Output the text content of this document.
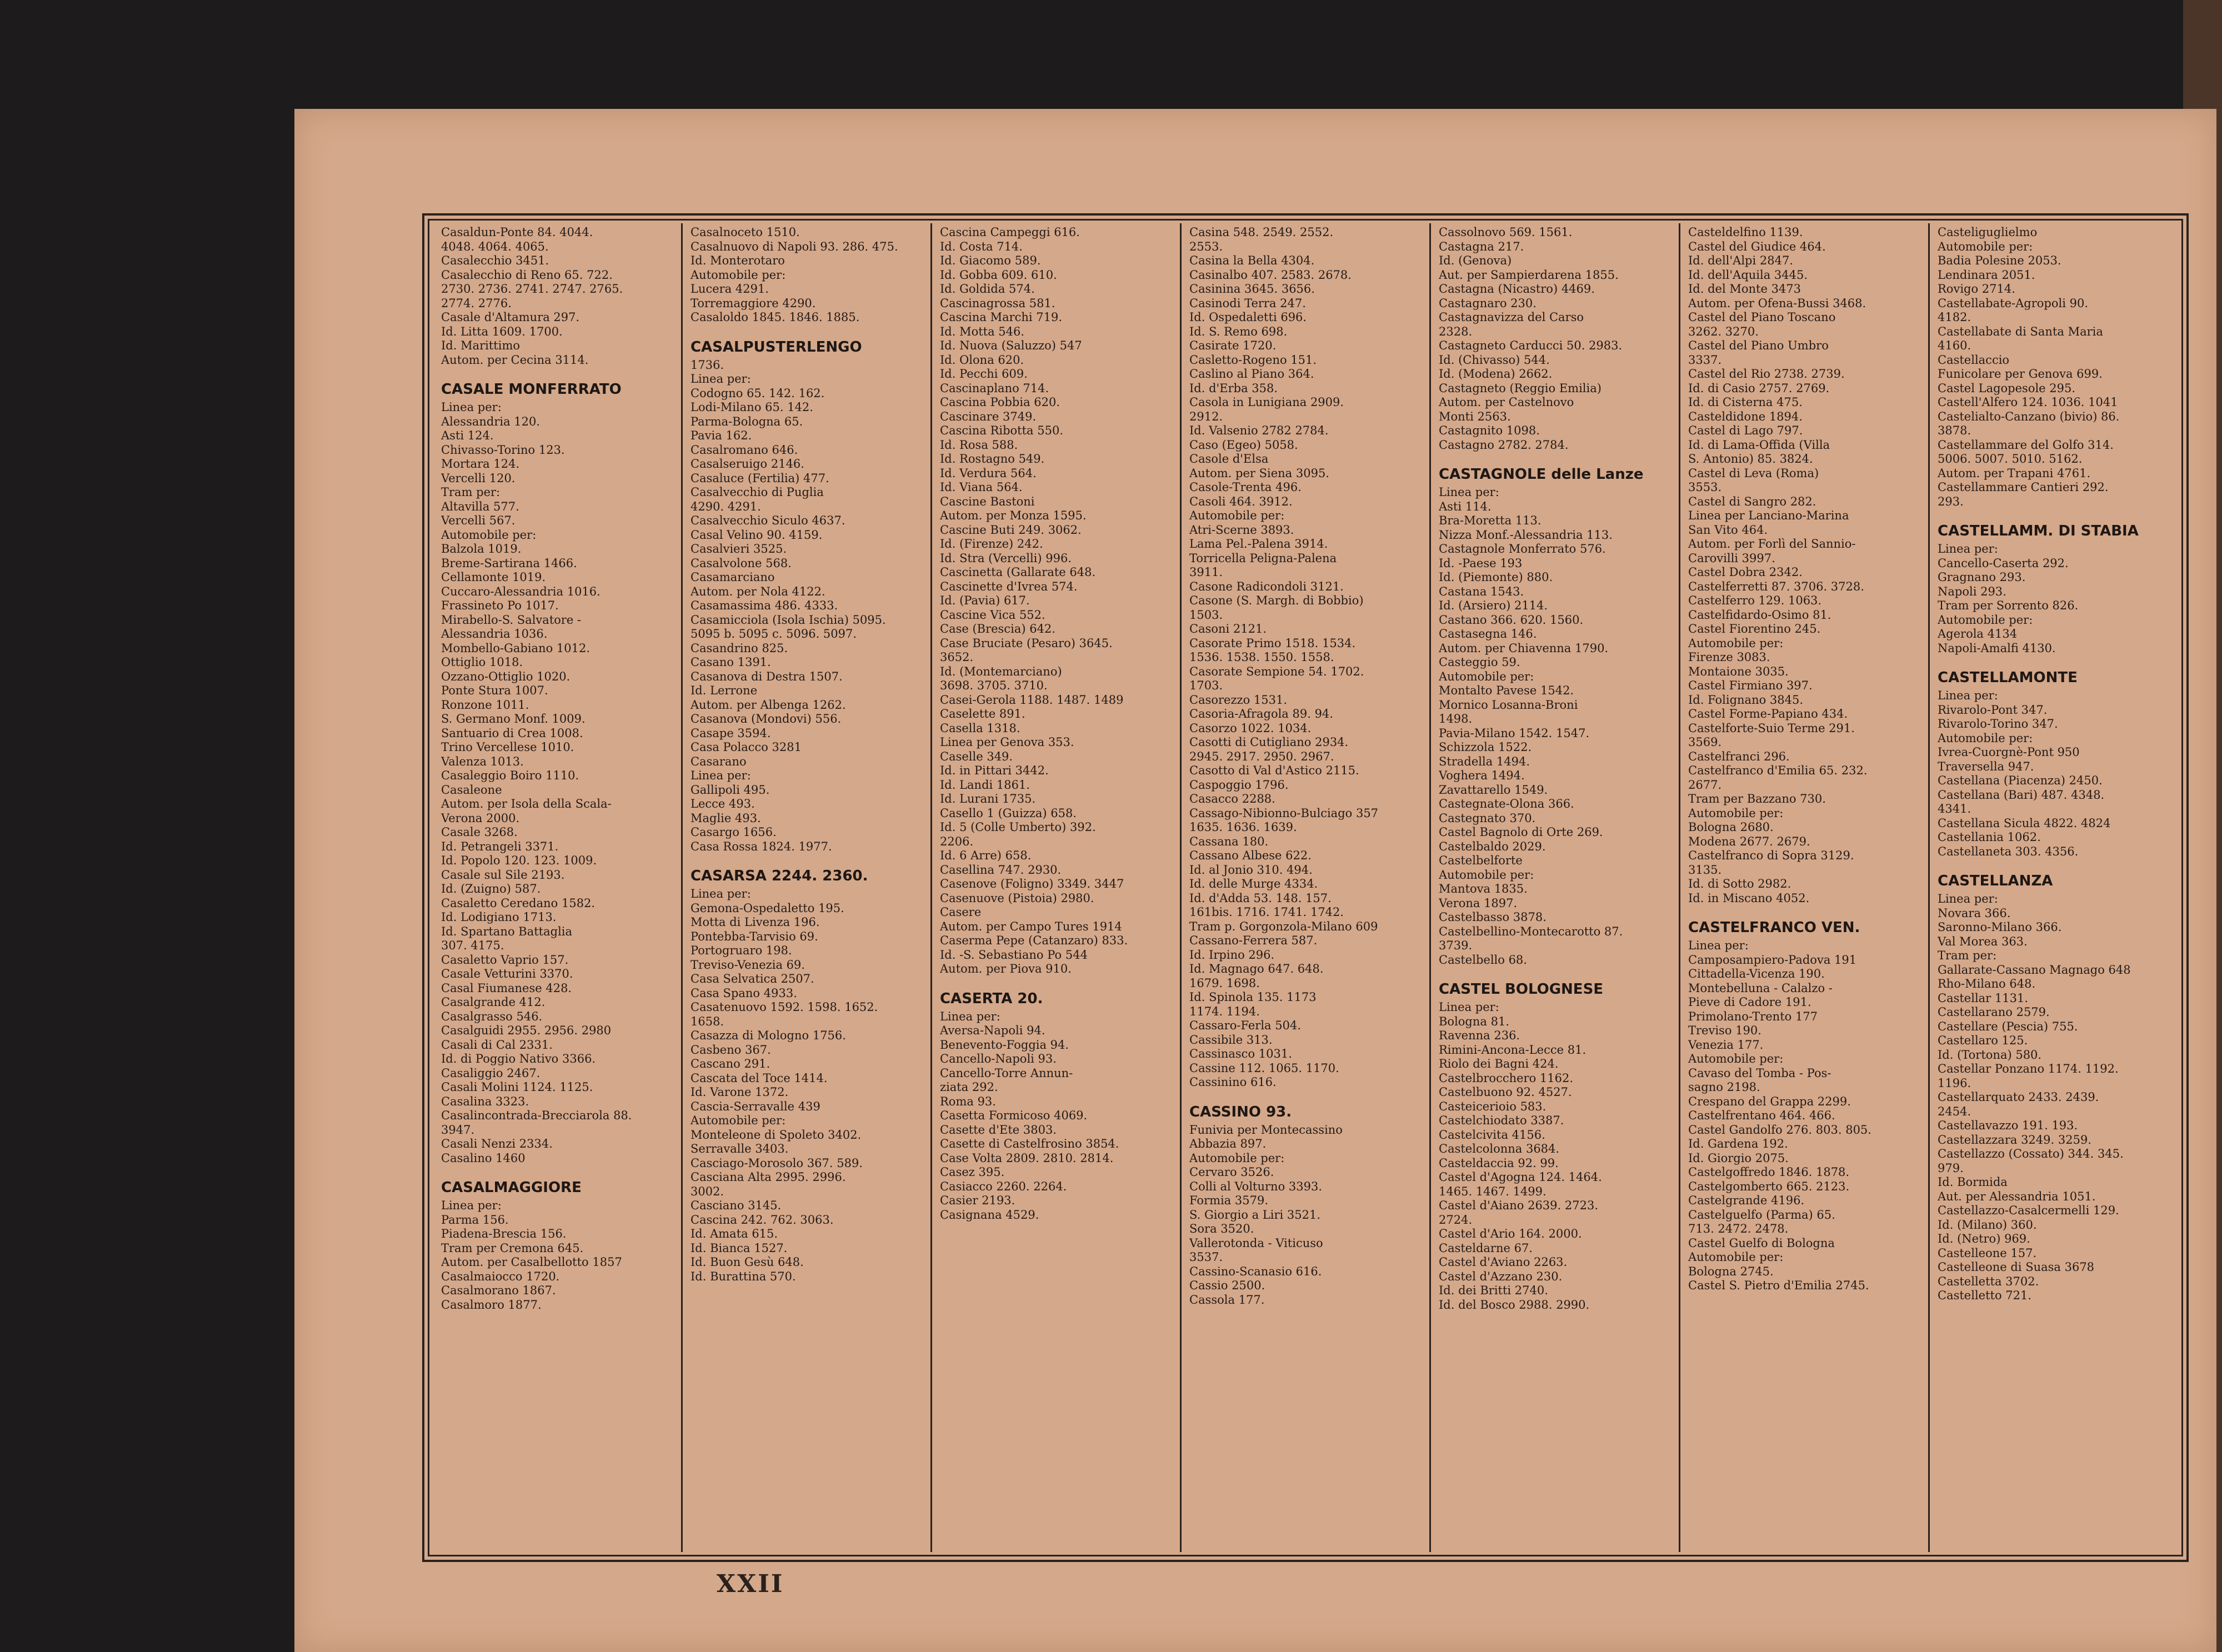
Casaldun-Ponte 84. 4044.
4048. 4064. 4065.
Casalecchio 3451.
Casalecchio di Reno 65. 722.
2730. 2736. 2741. 2747. 2765.
2774. 2776.
Casale d'Altamura 297.
Id. Litta 1609. 1700.
Id. Marittimo
Autom. per Cecina 3114.
CASALE MONFERRATO
Linea per:
Alessandria 120.
Asti 124.
Chivasso-Torino 123.
Mortara 124.
Vercelli 120.
Tram per:
Altavilla 577.
Vercelli 567.
Automobile per:
Balzola 1019.
Breme-Sartirana 1466.
Cellamonte 1019.
Cuccaro-Alessandria 1016.
Frassineto Po 1017.
Mirabello-S. Salvatore -
Alessandria 1036.
Mombello-Gabiano 1012.
Ottiglio 1018.
Ozzano-Ottiglio 1020.
Ponte Stura 1007.
Ronzone 1011.
S. Germano Monf. 1009.
Santuario di Crea 1008.
Trino Vercellese 1010.
Valenza 1013.
Casaleggio Boiro 1110.
Casaleone
Autom. per Isola della Scala-
Verona 2000.
Casale 3268.
Id. Petrangeli 3371.
Id. Popolo 120. 123. 1009.
Casale sul Sile 2193.
Id. (Zuigno) 587.
Casaletto Ceredano 1582.
Id. Lodigiano 1713.
Id. Spartano Battaglia
307. 4175.
Casaletto Vaprio 157.
Casale Vetturini 3370.
Casal Fiumanese 428.
Casalgrande 412.
Casalgrasso 546.
Casalguidi 2955. 2956. 2980
Casali di Cal 2331.
Id. di Poggio Nativo 3366.
Casaliggio 2467.
Casali Molini 1124. 1125.
Casalina 3323.
Casalincontrada-Brecciarola 88.
3947.
Casali Nenzi 2334.
Casalino 1460
CASALMAGGIORE
Linea per:
Parma 156.
Piadena-Brescia 156.
Tram per Cremona 645.
Autom. per Casalbellotto 1857
Casalmaiocco 1720.
Casalmorano 1867.
Casalmoro 1877.
Casalnoceto 1510.
Casalnuovo di Napoli 93. 286. 475.
Id. Monterotaro
Automobile per:
Lucera 4291.
Torremaggiore 4290.
Casaloldo 1845. 1846. 1885.
CASALPUSTERLENGO
1736.
Linea per:
Codogno 65. 142. 162.
Lodi-Milano 65. 142.
Parma-Bologna 65.
Pavia 162.
Casalromano 646.
Casalseruigo 2146.
Casaluce (Fertilia) 477.
Casalvecchio di Puglia
4290. 4291.
Casalvecchio Siculo 4637.
Casal Velino 90. 4159.
Casalvieri 3525.
Casalvolone 568.
Casamarciano
Autom. per Nola 4122.
Casamassima 486. 4333.
Casamicciola (Isola Ischia) 5095.
5095 b. 5095 c. 5096. 5097.
Casandrino 825.
Casano 1391.
Casanova di Destra 1507.
Id. Lerrone
Autom. per Albenga 1262.
Casanova (Mondovi) 556.
Casape 3594.
Casa Polacco 3281
Casarano
Linea per:
Gallipoli 495.
Lecce 493.
Maglie 493.
Casargo 1656.
Casa Rossa 1824. 1977.
CASARSA 2244. 2360.
Linea per:
Gemona-Ospedaletto 195.
Motta di Livenza 196.
Pontebba-Tarvisio 69.
Portogruaro 198.
Treviso-Venezia 69.
Casa Selvatica 2507.
Casa Spano 4933.
Casatenuovo 1592. 1598. 1652.
1658.
Casazza di Mologno 1756.
Casbeno 367.
Cascano 291.
Cascata del Toce 1414.
Id. Varone 1372.
Cascia-Serravalle 439
Automobile per:
Monteleone di Spoleto 3402.
Serravalle 3403.
Casciago-Morosolo 367. 589.
Casciana Alta 2995. 2996.
3002.
Casciano 3145.
Cascina 242. 762. 3063.
Id. Amata 615.
Id. Bianca 1527.
Id. Buon Gesù 648.
Id. Burattina 570.
Cascina Campeggi 616.
Id. Costa 714.
Id. Giacomo 589.
Id. Gobba 609. 610.
Id. Goldida 574.
Cascinagrossa 581.
Cascina Marchi 719.
Id. Motta 546.
Id. Nuova (Saluzzo) 547
Id. Olona 620.
Id. Pecchi 609.
Cascinaplano 714.
Cascina Pobbia 620.
Cascinare 3749.
Cascina Ribotta 550.
Id. Rosa 588.
Id. Rostagno 549.
Id. Verdura 564.
Id. Viana 564.
Cascine Bastoni
Autom. per Monza 1595.
Cascine Buti 249. 3062.
Id. (Firenze) 242.
Id. Stra (Vercelli) 996.
Cascinetta (Gallarate 648.
Cascinette d'Ivrea 574.
Id. (Pavia) 617.
Cascine Vica 552.
Case (Brescia) 642.
Case Bruciate (Pesaro) 3645.
3652.
Id. (Montemarciano)
3698. 3705. 3710.
Casei-Gerola 1188. 1487. 1489
Caselette 891.
Casella 1318.
Linea per Genova 353.
Caselle 349.
Id. in Pittari 3442.
Id. Landi 1861.
Id. Lurani 1735.
Casello 1 (Guizza) 658.
Id. 5 (Colle Umberto) 392.
2206.
Id. 6 Arre) 658.
Casellina 747. 2930.
Casenove (Foligno) 3349. 3447
Casenuove (Pistoia) 2980.
Casere
Autom. per Campo Tures 1914
Caserma Pepe (Catanzaro) 833.
Id. -S. Sebastiano Po 544
Autom. per Piova 910.
CASERTA 20.
Linea per:
Aversa-Napoli 94.
Benevento-Foggia 94.
Cancello-Napoli 93.
Cancello-Torre Annun-
ziata 292.
Roma 93.
Casetta Formicoso 4069.
Casette d'Ete 3803.
Casette di Castelfrosino 3854.
Case Volta 2809. 2810. 2814.
Casez 395.
Casiacco 2260. 2264.
Casier 2193.
Casignana 4529.
Casina 548. 2549. 2552.
2553.
Casina la Bella 4304.
Casinalbo 407. 2583. 2678.
Casinina 3645. 3656.
Casinodi Terra 247.
Id. Ospedaletti 696.
Id. S. Remo 698.
Casirate 1720.
Casletto-Rogeno 151.
Caslino al Piano 364.
Id. d'Erba 358.
Casola in Lunigiana 2909.
2912.
Id. Valsenio 2782 2784.
Caso (Egeo) 5058.
Casole d'Elsa
Autom. per Siena 3095.
Casole-Trenta 496.
Casoli 464. 3912.
Automobile per:
Atri-Scerne 3893.
Lama Pel.-Palena 3914.
Torricella Peligna-Palena
3911.
Casone Radicondoli 3121.
Casone (S. Margh. di Bobbio)
1503.
Casoni 2121.
Casorate Primo 1518. 1534.
1536. 1538. 1550. 1558.
Casorate Sempione 54. 1702.
1703.
Casorezzo 1531.
Casoria-Afragola 89. 94.
Casorzo 1022. 1034.
Casotti di Cutigliano 2934.
2945. 2917. 2950. 2967.
Casotto di Val d'Astico 2115.
Caspoggio 1796.
Casacco 2288.
Cassago-Nibionno-Bulciago 357
1635. 1636. 1639.
Cassana 180.
Cassano Albese 622.
Id. al Jonio 310. 494.
Id. delle Murge 4334.
Id. d'Adda 53. 148. 157.
161bis. 1716. 1741. 1742.
Tram p. Gorgonzola-Milano 609
Cassano-Ferrera 587.
Id. Irpino 296.
Id. Magnago 647. 648.
1679. 1698.
Id. Spinola 135. 1173
1174. 1194.
Cassaro-Ferla 504.
Cassibile 313.
Cassinasco 1031.
Cassine 112. 1065. 1170.
Cassinino 616.
CASSINO 93.
Funivia per Montecassino
Abbazia 897.
Automobile per:
Cervaro 3526.
Colli al Volturno 3393.
Formia 3579.
S. Giorgio a Liri 3521.
Sora 3520.
Vallerotonda - Viticuso
3537.
Cassino-Scanasio 616.
Cassio 2500.
Cassola 177.
Cassolnovo 569. 1561.
Castagna 217.
Id. (Genova)
Aut. per Sampierdarena 1855.
Castagna (Nicastro) 4469.
Castagnaro 230.
Castagnavizza del Carso
2328.
Castagneto Carducci 50. 2983.
Id. (Chivasso) 544.
Id. (Modena) 2662.
Castagneto (Reggio Emilia)
Autom. per Castelnovo
Monti 2563.
Castagnito 1098.
Castagno 2782. 2784.
CASTAGNOLE delle Lanze
Linea per:
Asti 114.
Bra-Moretta 113.
Nizza Monf.-Alessandria 113.
Castagnole Monferrato 576.
Id. -Paese 193
Id. (Piemonte) 880.
Castana 1543.
Id. (Arsiero) 2114.
Castano 366. 620. 1560.
Castasegna 146.
Autom. per Chiavenna 1790.
Casteggio 59.
Automobile per:
Montalto Pavese 1542.
Mornico Losanna-Broni
1498.
Pavia-Milano 1542. 1547.
Schizzola 1522.
Stradella 1494.
Voghera 1494.
Zavattarello 1549.
Castegnate-Olona 366.
Castegnato 370.
Castel Bagnolo di Orte 269.
Castelbaldo 2029.
Castelbelforte
Automobile per:
Mantova 1835.
Verona 1897.
Castelbasso 3878.
Castelbellino-Montecarotto 87.
3739.
Castelbello 68.
CASTEL BOLOGNESE
Linea per:
Bologna 81.
Ravenna 236.
Rimini-Ancona-Lecce 81.
Riolo dei Bagni 424.
Castelbrocchero 1162.
Castelbuono 92. 4527.
Casteicerioio 583.
Castelchiodato 3387.
Castelcivita 4156.
Castelcolonna 3684.
Casteldaccia 92. 99.
Castel d'Agogna 124. 1464.
1465. 1467. 1499.
Castel d'Aiano 2639. 2723.
2724.
Castel d'Ario 164. 2000.
Casteldarne 67.
Castel d'Aviano 2263.
Castel d'Azzano 230.
Id. dei Britti 2740.
Id. del Bosco 2988. 2990.
Casteldelfino 1139.
Castel del Giudice 464.
Id. dell'Alpi 2847.
Id. dell'Aquila 3445.
Id. del Monte 3473
Autom. per Ofena-Bussi 3468.
Castel del Piano Toscano
3262. 3270.
Castel del Piano Umbro
3337.
Castel del Rio 2738. 2739.
Id. di Casio 2757. 2769.
Id. di Cisterna 475.
Casteldidone 1894.
Castel di Lago 797.
Id. di Lama-Offida (Villa
S. Antonio) 85. 3824.
Castel di Leva (Roma)
3553.
Castel di Sangro 282.
Linea per Lanciano-Marina
San Vito 464.
Autom. per Forlì del Sannio-
Carovilli 3997.
Castel Dobra 2342.
Castelferretti 87. 3706. 3728.
Castelferro 129. 1063.
Castelfidardo-Osimo 81.
Castel Fiorentino 245.
Automobile per:
Firenze 3083.
Montaione 3035.
Castel Firmiano 397.
Id. Folignano 3845.
Castel Forme-Papiano 434.
Castelforte-Suio Terme 291.
3569.
Castelfranci 296.
Castelfranco d'Emilia 65. 232.
2677.
Tram per Bazzano 730.
Automobile per:
Bologna 2680.
Modena 2677. 2679.
Castelfranco di Sopra 3129.
3135.
Id. di Sotto 2982.
Id. in Miscano 4052.
CASTELFRANCO VEN.
Linea per:
Camposampiero-Padova 191
Cittadella-Vicenza 190.
Montebelluna - Calalzo -
Pieve di Cadore 191.
Primolano-Trento 177
Treviso 190.
Venezia 177.
Automobile per:
Cavaso del Tomba - Pos-
sagno 2198.
Crespano del Grappa 2299.
Castelfrentano 464. 466.
Castel Gandolfo 276. 803. 805.
Id. Gardena 192.
Id. Giorgio 2075.
Castelgoffredo 1846. 1878.
Castelgomberto 665. 2123.
Castelgrande 4196.
Castelguelfo (Parma) 65.
713. 2472. 2478.
Castel Guelfo di Bologna
Automobile per:
Bologna 2745.
Castel S. Pietro d'Emilia 2745.
Casteliguglielmo
Automobile per:
Badia Polesine 2053.
Lendinara 2051.
Rovigo 2714.
Castellabate-Agropoli 90.
4182.
Castellabate di Santa Maria
4160.
Castellaccio
Funicolare per Genova 699.
Castel Lagopesole 295.
Castell'Alfero 124. 1036. 1041
Castelialto-Canzano (bivio) 86.
3878.
Castellammare del Golfo 314.
5006. 5007. 5010. 5162.
Autom. per Trapani 4761.
Castellammare Cantieri 292.
293.
CASTELLAMM. DI STABIA
Linea per:
Cancello-Caserta 292.
Gragnano 293.
Napoli 293.
Tram per Sorrento 826.
Automobile per:
Agerola 4134
Napoli-Amalfi 4130.
CASTELLAMONTE
Linea per:
Rivarolo-Pont 347.
Rivarolo-Torino 347.
Automobile per:
Ivrea-Cuorgnè-Pont 950
Traversella 947.
Castellana (Piacenza) 2450.
Castellana (Bari) 487. 4348.
4341.
Castellana Sicula 4822. 4824
Castellania 1062.
Castellaneta 303. 4356.
CASTELLANZA
Linea per:
Novara 366.
Saronno-Milano 366.
Val Morea 363.
Tram per:
Gallarate-Cassano Magnago 648
Rho-Milano 648.
Castellar 1131.
Castellarano 2579.
Castellare (Pescia) 755.
Castellaro 125.
Id. (Tortona) 580.
Castellar Ponzano 1174. 1192.
1196.
Castellarquato 2433. 2439.
2454.
Castellavazzo 191. 193.
Castellazzara 3249. 3259.
Castellazzo (Cossato) 344. 345.
979.
Id. Bormida
Aut. per Alessandria 1051.
Castellazzo-Casalcermelli 129.
Id. (Milano) 360.
Id. (Netro) 969.
Castelleone 157.
Castelleone di Suasa 3678
Castelletta 3702.
Castelletto 721.
XXII
